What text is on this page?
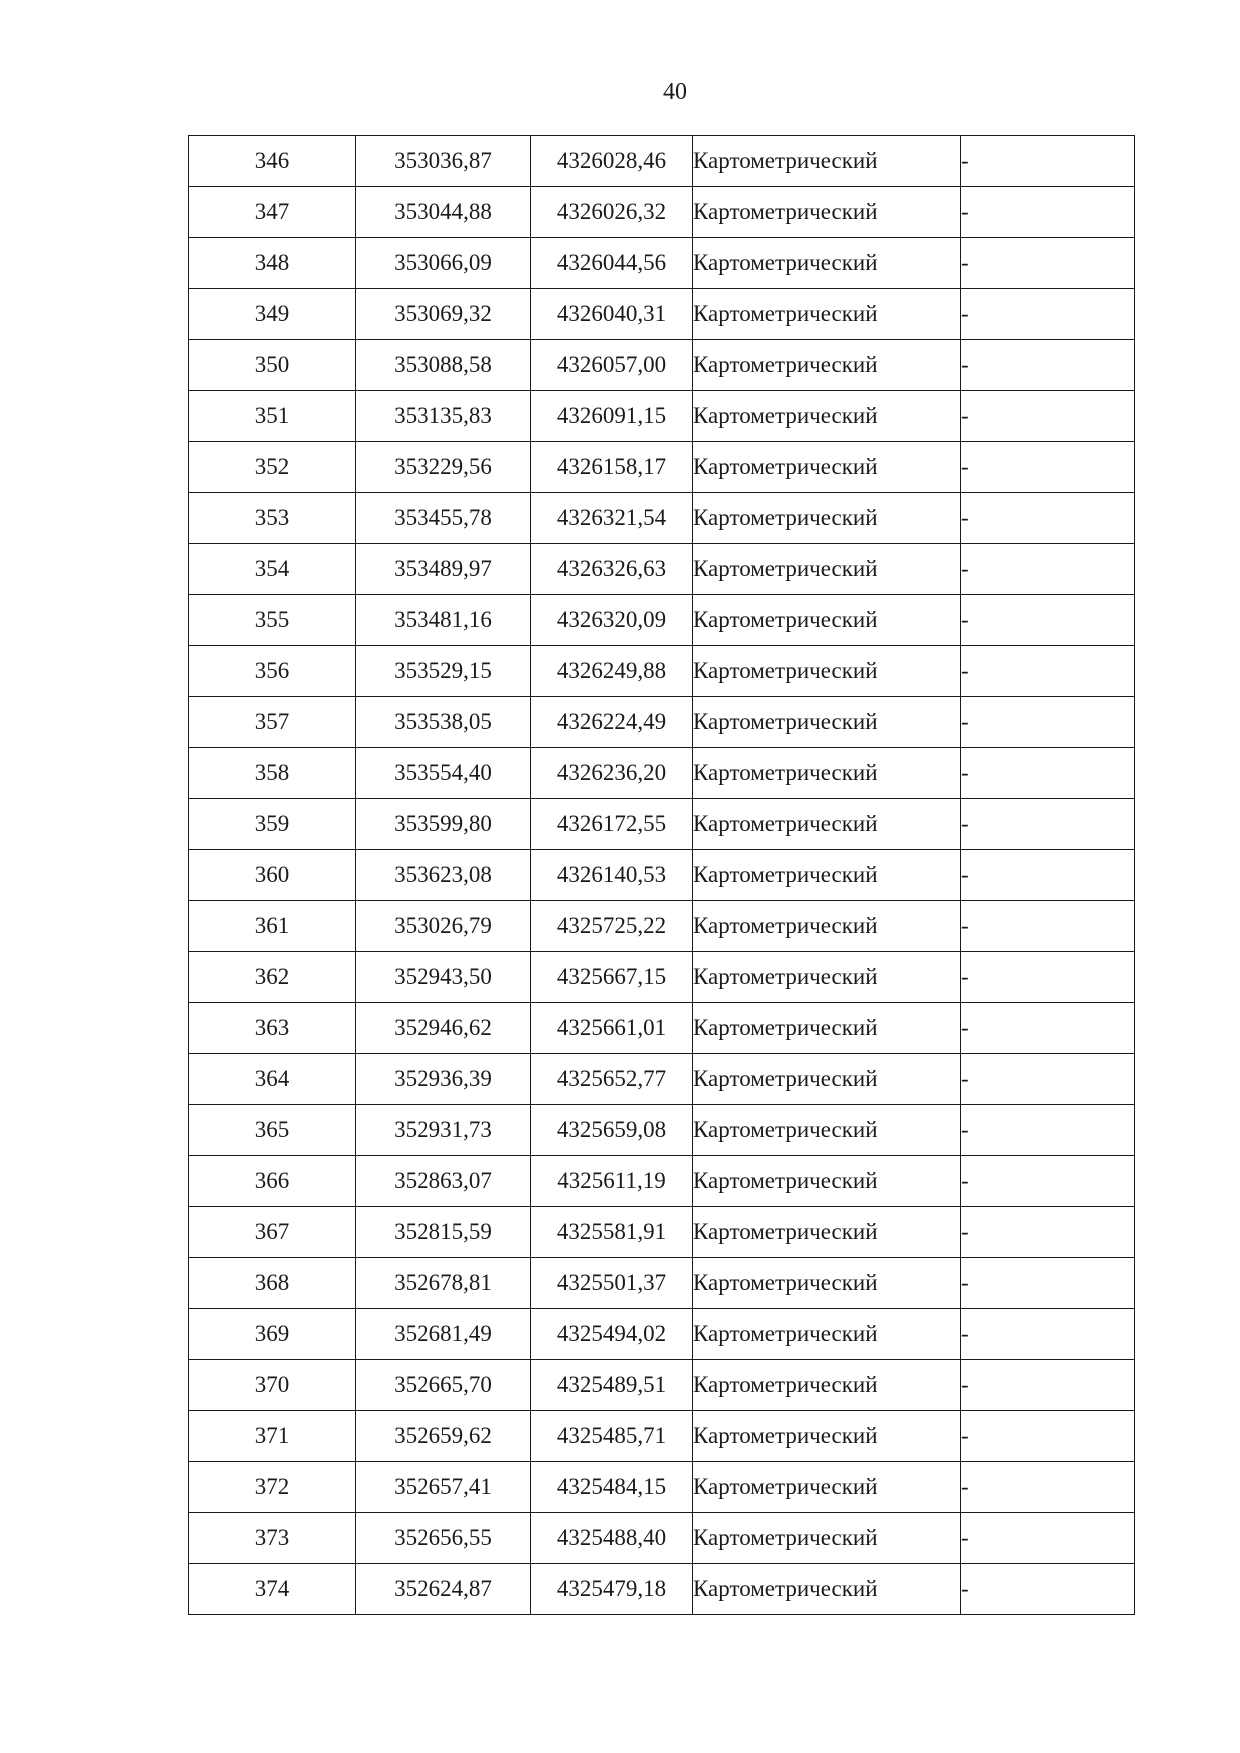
40
346	353036,87	4326028,46	Картометрический	-
347	353044,88	4326026,32	Картометрический	-
348	353066,09	4326044,56	Картометрический	-
349	353069,32	4326040,31	Картометрический	-
350	353088,58	4326057,00	Картометрический	-
351	353135,83	4326091,15	Картометрический	-
352	353229,56	4326158,17	Картометрический	-
353	353455,78	4326321,54	Картометрический	-
354	353489,97	4326326,63	Картометрический	-
355	353481,16	4326320,09	Картометрический	-
356	353529,15	4326249,88	Картометрический	-
357	353538,05	4326224,49	Картометрический	-
358	353554,40	4326236,20	Картометрический	-
359	353599,80	4326172,55	Картометрический	-
360	353623,08	4326140,53	Картометрический	-
361	353026,79	4325725,22	Картометрический	-
362	352943,50	4325667,15	Картометрический	-
363	352946,62	4325661,01	Картометрический	-
364	352936,39	4325652,77	Картометрический	-
365	352931,73	4325659,08	Картометрический	-
366	352863,07	4325611,19	Картометрический	-
367	352815,59	4325581,91	Картометрический	-
368	352678,81	4325501,37	Картометрический	-
369	352681,49	4325494,02	Картометрический	-
370	352665,70	4325489,51	Картометрический	-
371	352659,62	4325485,71	Картометрический	-
372	352657,41	4325484,15	Картометрический	-
373	352656,55	4325488,40	Картометрический	-
374	352624,87	4325479,18	Картометрический	-
